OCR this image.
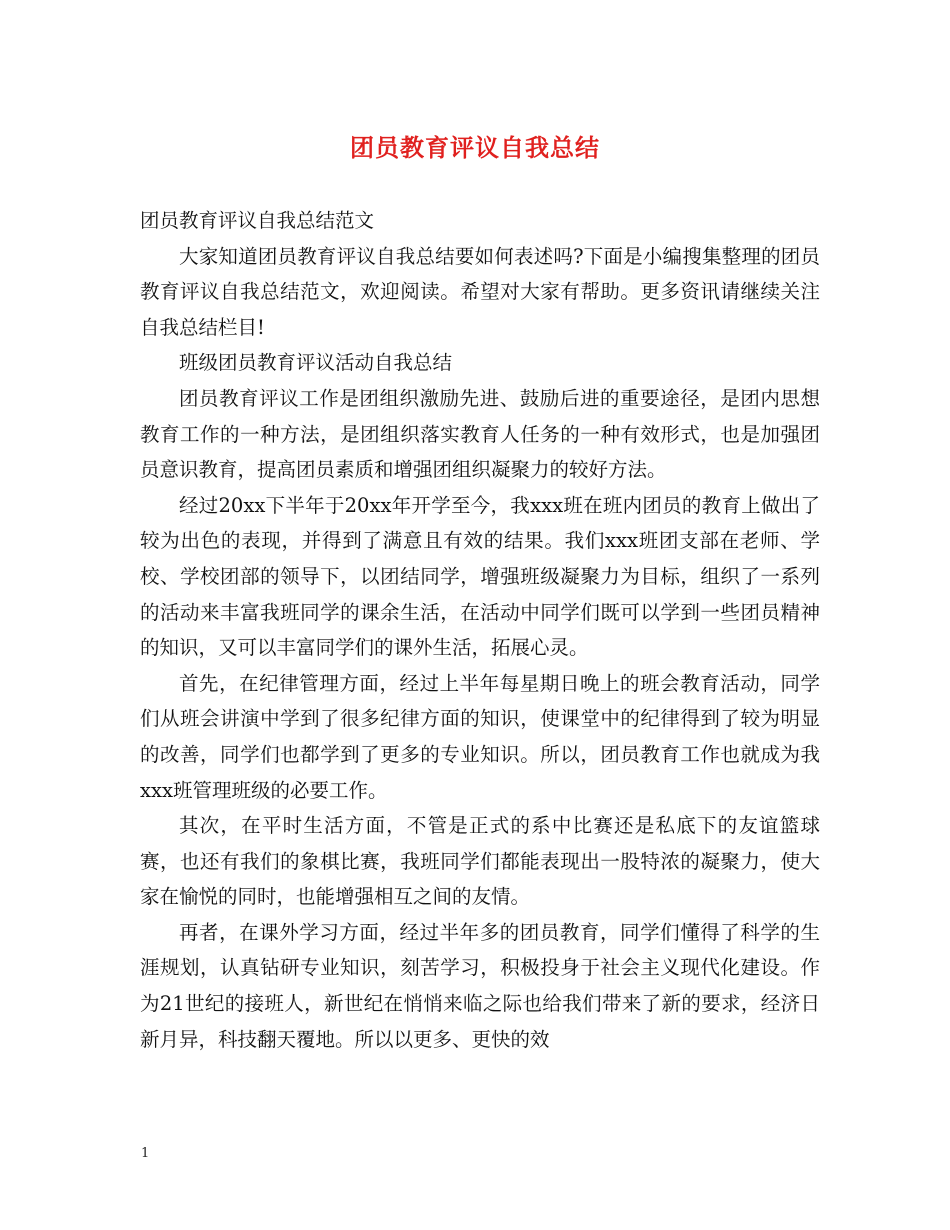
团员教育评议自我总结

团员教育评议自我总结范文

大家知道团员教育评议自我总结要如何表述吗?下面是小编搜集整理的团员教育评议自我总结范文，欢迎阅读。希望对大家有帮助。更多资讯请继续关注自我总结栏目!

班级团员教育评议活动自我总结

团员教育评议工作是团组织激励先进、鼓励后进的重要途径，是团内思想教育工作的一种方法，是团组织落实教育人任务的一种有效形式，也是加强团员意识教育，提高团员素质和增强团组织凝聚力的较好方法。

经过20xx下半年于20xx年开学至今，我xxx班在班内团员的教育上做出了较为出色的表现，并得到了满意且有效的结果。我们xxx班团支部在老师、学校、学校团部的领导下，以团结同学，增强班级凝聚力为目标，组织了一系列的活动来丰富我班同学的课余生活，在活动中同学们既可以学到一些团员精神的知识，又可以丰富同学们的课外生活，拓展心灵。

首先，在纪律管理方面，经过上半年每星期日晚上的班会教育活动，同学们从班会讲演中学到了很多纪律方面的知识，使课堂中的纪律得到了较为明显的改善，同学们也都学到了更多的专业知识。所以，团员教育工作也就成为我xxx班管理班级的必要工作。

其次，在平时生活方面，不管是正式的系中比赛还是私底下的友谊篮球赛，也还有我们的象棋比赛，我班同学们都能表现出一股特浓的凝聚力，使大家在愉悦的同时，也能增强相互之间的友情。

再者，在课外学习方面，经过半年多的团员教育，同学们懂得了科学的生涯规划，认真钻研专业知识，刻苦学习，积极投身于社会主义现代化建设。作为21世纪的接班人，新世纪在悄悄来临之际也给我们带来了新的要求，经济日新月异，科技翻天覆地。所以以更多、更快的效

1
